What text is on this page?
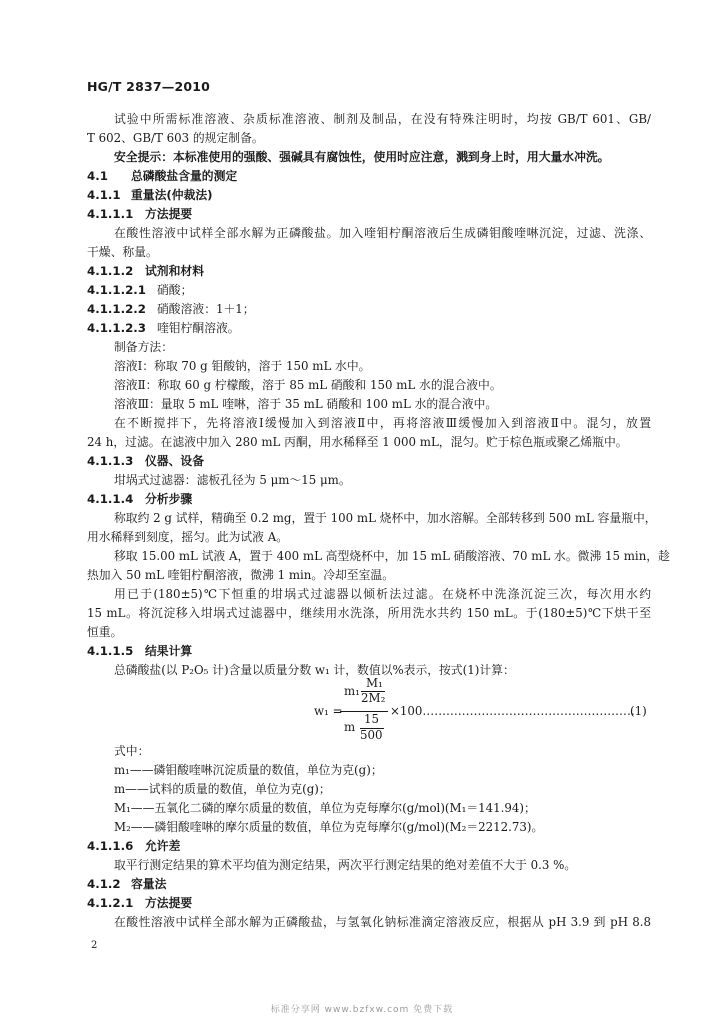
HG/T 2837—2010
试验中所需标准溶液、杂质标准溶液、制剂及制品，在没有特殊注明时，均按 GB/T 601、GB/
T 602、GB/T 603 的规定制备。
安全提示：本标准使用的强酸、强碱具有腐蚀性，使用时应注意，溅到身上时，用大量水冲洗。
4.1 总磷酸盐含量的测定
4.1.1 重量法(仲裁法)
4.1.1.1 方法提要
在酸性溶液中试样全部水解为正磷酸盐。加入喹钼柠酮溶液后生成磷钼酸喹啉沉淀，过滤、洗涤、
干燥、称量。
4.1.1.2 试剂和材料
4.1.1.2.1 硝酸；
4.1.1.2.2 硝酸溶液：1＋1；
4.1.1.2.3 喹钼柠酮溶液。
制备方法：
溶液Ⅰ：称取 70 g 钼酸钠，溶于 150 mL 水中。
溶液Ⅱ：称取 60 g 柠檬酸，溶于 85 mL 硝酸和 150 mL 水的混合液中。
溶液Ⅲ：量取 5 mL 喹啉，溶于 35 mL 硝酸和 100 mL 水的混合液中。
在不断搅拌下，先将溶液Ⅰ缓慢加入到溶液Ⅱ中，再将溶液Ⅲ缓慢加入到溶液Ⅱ中。混匀，放置
24 h，过滤。在滤液中加入 280 mL 丙酮，用水稀释至 1 000 mL，混匀。贮于棕色瓶或聚乙烯瓶中。
4.1.1.3 仪器、设备
坩埚式过滤器：滤板孔径为 5 μm～15 μm。
4.1.1.4 分析步骤
称取约 2 g 试样，精确至 0.2 mg，置于 100 mL 烧杯中，加水溶解。全部转移到 500 mL 容量瓶中，
用水稀释到刻度，摇匀。此为试液 A。
移取 15.00 mL 试液 A，置于 400 mL 高型烧杯中，加 15 mL 硝酸溶液、70 mL 水。微沸 15 min，趁
热加入 50 mL 喹钼柠酮溶液，微沸 1 min。冷却至室温。
用已于(180±5)℃下恒重的坩埚式过滤器以倾析法过滤。在烧杯中洗涤沉淀三次，每次用水约
15 mL。将沉淀移入坩埚式过滤器中，继续用水洗涤，所用洗水共约 150 mL。于(180±5)℃下烘干至
恒重。
4.1.1.5 结果计算
总磷酸盐(以 P₂O₅ 计)含量以质量分数 w₁ 计，数值以%表示，按式(1)计算：
w₁ =
m₁
M₁
2M₂
m
15
500
×100………………………………………………
(1)
式中：
m₁——磷钼酸喹啉沉淀质量的数值，单位为克(g)；
m——试料的质量的数值，单位为克(g)；
M₁——五氧化二磷的摩尔质量的数值，单位为克每摩尔(g/mol)(M₁＝141.94)；
M₂——磷钼酸喹啉的摩尔质量的数值，单位为克每摩尔(g/mol)(M₂＝2212.73)。
4.1.1.6 允许差
取平行测定结果的算术平均值为测定结果，两次平行测定结果的绝对差值不大于 0.3 %。
4.1.2 容量法
4.1.2.1 方法提要
在酸性溶液中试样全部水解为正磷酸盐，与氢氧化钠标准滴定溶液反应，根据从 pH 3.9 到 pH 8.8
2
标准分享网 www.bzfxw.com 免费下载
